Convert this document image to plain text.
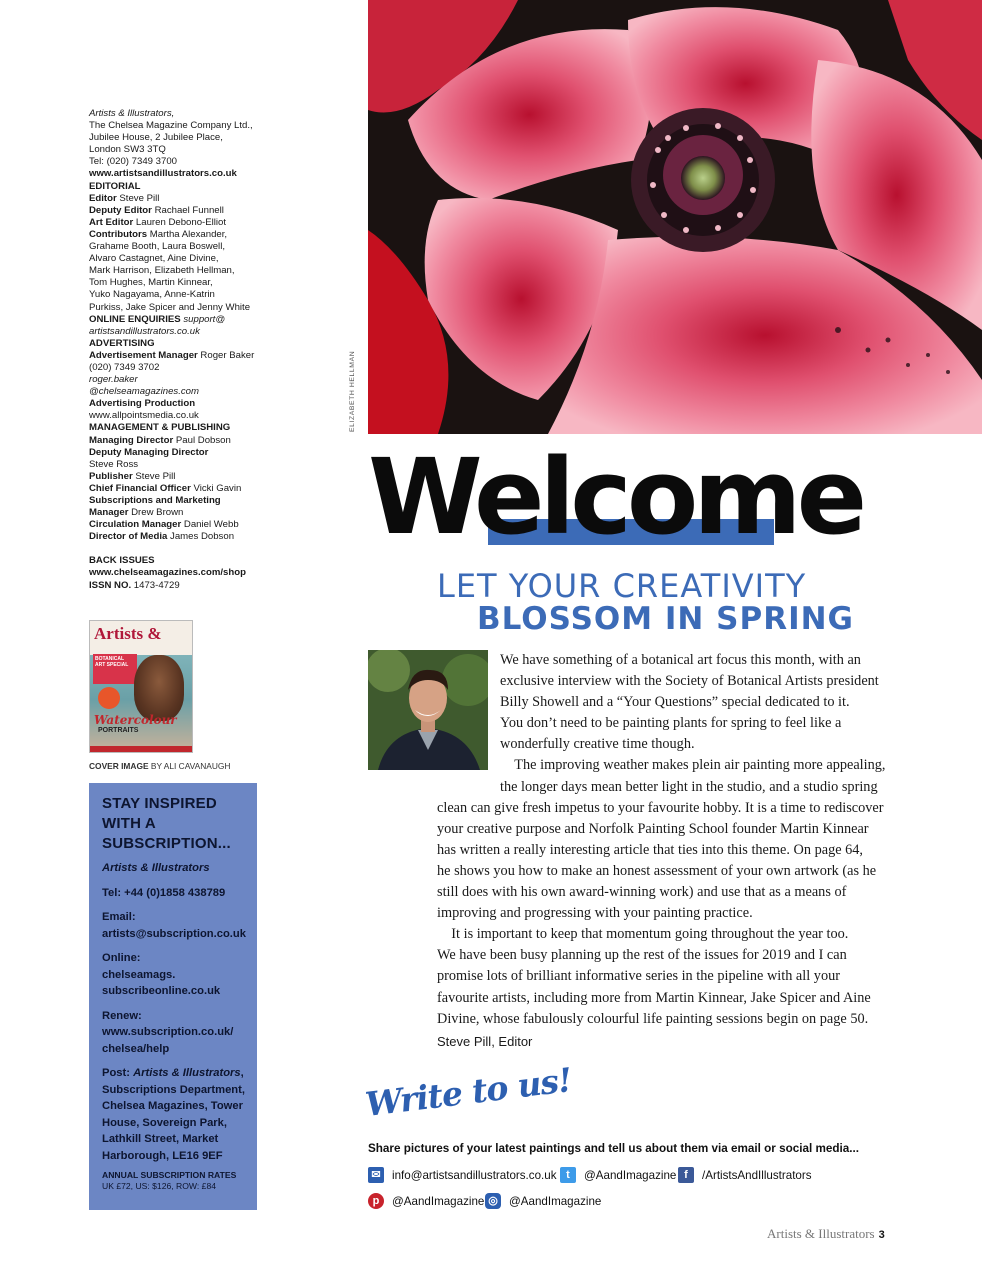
Artists & Illustrators,
The Chelsea Magazine Company Ltd.,
Jubilee House, 2 Jubilee Place,
London SW3 3TQ
Tel: (020) 7349 3700
www.artistsandillustrators.co.uk
EDITORIAL
Editor Steve Pill
Deputy Editor Rachael Funnell
Art Editor Lauren Debono-Elliot
Contributors Martha Alexander,
Grahame Booth, Laura Boswell,
Alvaro Castagnet, Aine Divine,
Mark Harrison, Elizabeth Hellman,
Tom Hughes, Martin Kinnear,
Yuko Nagayama, Anne-Katrin
Purkiss, Jake Spicer and Jenny White
ONLINE ENQUIRIES support@
artistsandillustrators.co.uk
ADVERTISING
Advertisement Manager Roger Baker
(020) 7349 3702
roger.baker
@chelseamagazines.com
Advertising Production
www.allpointsmedia.co.uk
MANAGEMENT & PUBLISHING
Managing Director Paul Dobson
Deputy Managing Director
Steve Ross
Publisher Steve Pill
Chief Financial Officer Vicki Gavin
Subscriptions and Marketing
Manager Drew Brown
Circulation Manager Daniel Webb
Director of Media James Dobson
BACK ISSUES
www.chelseamagazines.com/shop
ISSN NO. 1473-4729
Artists &
BOTANICAL ART SPECIAL
Watercolour
PORTRAITS
COVER IMAGE BY ALI CAVANAUGH
STAY INSPIRED
WITH A
SUBSCRIPTION...
Artists & Illustrators
Tel: +44 (0)1858 438789
Email:
artists@subscription.co.uk
Online:
chelseamags.
subscribeonline.co.uk
Renew:
www.subscription.co.uk/
chelsea/help
Post: Artists & Illustrators,
Subscriptions Department,
Chelsea Magazines, Tower
House, Sovereign Park,
Lathkill Street, Market
Harborough, LE16 9EF
ANNUAL SUBSCRIPTION RATES
UK £72, US: $126, ROW: £84
ELIZABETH HELLMAN
Welcome
LET YOUR CREATIVITY
BLOSSOM IN SPRING
We have something of a botanical art focus this month, with an
exclusive interview with the Society of Botanical Artists president
Billy Showell and a “Your Questions” special dedicated to it.
You don’t need to be painting plants for spring to feel like a
wonderfully creative time though.
 The improving weather makes plein air painting more appealing,
the longer days mean better light in the studio, and a studio spring
clean can give fresh impetus to your favourite hobby. It is a time to rediscover
your creative purpose and Norfolk Painting School founder Martin Kinnear
has written a really interesting article that ties into this theme. On page 64,
he shows you how to make an honest assessment of your own artwork (as he
still does with his own award-winning work) and use that as a means of
improving and progressing with your painting practice.
 It is important to keep that momentum going throughout the year too.
We have been busy planning up the rest of the issues for 2019 and I can
promise lots of brilliant informative series in the pipeline with all your
favourite artists, including more from Martin Kinnear, Jake Spicer and Aine
Divine, whose fabulously colourful life painting sessions begin on page 50.
Steve Pill, Editor
Write to us!
Share pictures of your latest paintings and tell us about them via email or social media...
✉ info@artistsandillustrators.co.uk t	@AandImagazine f	/ArtistsAndIllustrators
p	@AandImagazine ◎ @AandImagazine
Artists & Illustrators 3
